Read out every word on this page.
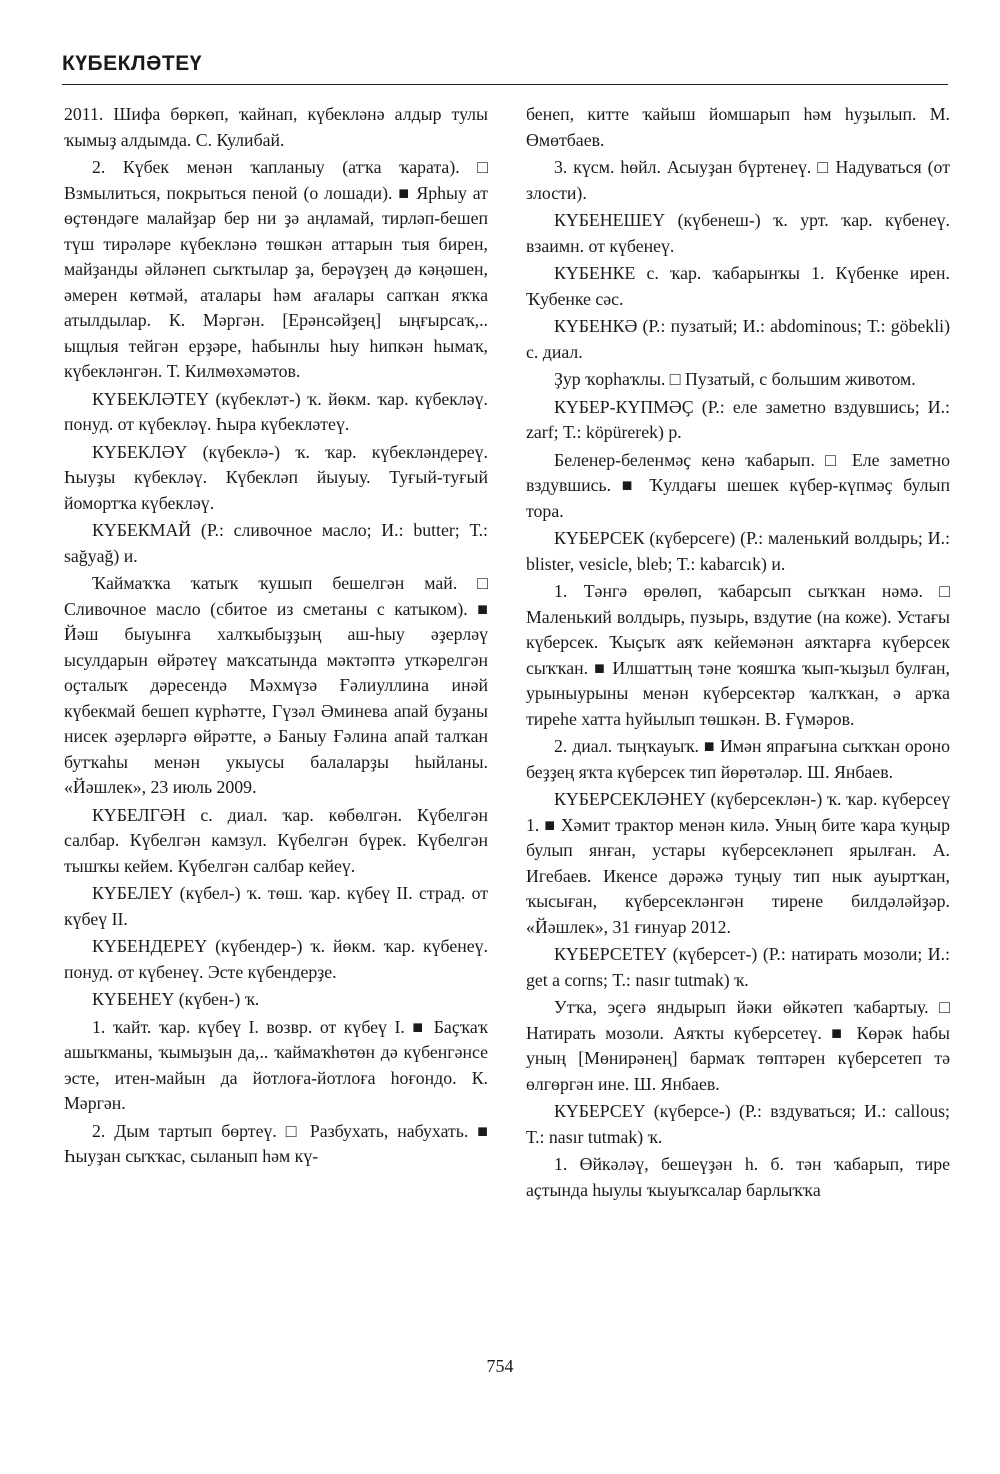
КҮБЕКЛӘТЕҮ

2011. Шифа бөркөп, ҡайнап, күбекләнә алдыр тулы ҡымыҙ алдымда. С. Кулибай.

2. Күбек менән ҡапланыу (атҡа ҡарата). □ Взмылиться, покрыться пеной (о лошади). ■ Ярһыу ат өҫтөндәге малайҙар бер ни ҙә аңламай, тирләп-бешеп түш тирәләре күбекләнә төшкән аттарын тыя бирен, майҙанды әйләнеп сыҡтылар ҙа, берәүҙең дә кәңәшен, әмерен көтмәй, аталары һәм ағалары сапҡан яҡҡа атылдылар. К. Мәргән. [Ерәнсәйҙең] ыңғырсаҡ,.. ыщлыя тейгән ерҙәре, һабынлы һыу һипкән һымаҡ, күбекләнгән. Т. Килмөхәмәтов.

КҮБЕКЛӘТЕҮ (күбекләт-) ҡ. йөкм. ҡар. күбекләү. понуд. от күбекләү. Һыра күбекләтеү.

КҮБЕКЛӘҮ (күбеклә-) ҡ. ҡар. күбекләндереү. Һыуҙы күбекләү. Күбекләп йыуыу. Туғый-туғый йомортҡа күбекләү.

КҮБЕКМАЙ (Р.: сливочное масло; И.: butter; Т.: sağyağ) и.

Ҡаймаҡҡа ҡатыҡ ҡушып бешелгән май. □ Сливочное масло (сбитое из сметаны с катыком). ■ Йәш быуынға халҡыбыҙҙың аш-һыу әҙерләү ысулдарын өйрәтеү маҡсатында мәктәптә уткәрелгән оҫталыҡ дәресендә Мәхмүзә Ғәлиуллина инәй күбекмай бешеп күрһәтте, Гүзәл Әминева апай буҙаны нисек әҙерләргә өйрәтте, ә Баныу Ғәлина апай талҡан бутҡаһы менән укыусы балаларҙы һыйланы. «Йәшлек», 23 июль 2009.

КҮБЕЛГӘН с. диал. ҡар. көбөлгән. Күбелгән салбар. Күбелгән камзул. Күбелгән бүрек. Күбелгән тышҡы кейем. Күбелгән салбар кейеү.

КҮБЕЛЕҮ (күбел-) ҡ. төш. ҡар. күбеү II. страд. от күбеү II.

КҮБЕНДЕРЕҮ (күбендер-) ҡ. йөкм. ҡар. күбенеү. понуд. от күбенеү. Эсте күбендерҙе.

КҮБЕНЕҮ (күбен-) ҡ.

1. ҡайт. ҡар. күбеү I. возвр. от күбеү I. ■ Баҫҡаҡ ашыҡманы, ҡымыҙын да,.. ҡаймаҡһөтөн дә күбенгәнсе эсте, итен-майын да йотлоға-йотлоға һоғондо. К. Мәргән.

2. Дым тартып бөртеү. □ Разбухать, набухать. ■ Һыуҙан сыҡҡас, сыланып һәм кү-

бенеп, китте ҡайыш йомшарып һәм һуҙылып. М. Өмөтбаев.

3. күсм. һөйл. Асыуҙан бүртенеү. □ Надуваться (от злости).

КҮБЕНЕШЕҮ (күбенеш-) ҡ. урт. ҡар. күбенеү. взаимн. от күбенеү.

КҮБЕНКЕ с. ҡар. ҡабарынҡы 1. Күбенке ирен. Ҡубенке сәс.

КҮБЕНКӘ (Р.: пузатый; И.: abdominous; Т.: göbekli) с. диал.

Ҙур ҡорһаҡлы. □ Пузатый, с большим животом.

КҮБЕР-КҮПМӘҪ (Р.: еле заметно вздувшись; И.: zarf; Т.: köpürerek) р.

Беленер-беленмәҫ кенә ҡабарып. □ Еле заметно вздувшись. ■ Ҡулдағы шешек күбер-күпмәҫ булып тора.

КҮБЕРСЕК (күберсеге) (Р.: маленький волдырь; И.: blister, vesicle, bleb; Т.: kabarcık) и.

1. Тәнгә өрөлөп, ҡабарсып сыҡҡан нәмә. □ Маленький волдырь, пузырь, вздутие (на коже). Устағы күберсек. Ҡыҫыҡ аяҡ кейемәнән аяҡтарға күберсек сыҡҡан. ■ Илшаттың тәне ҡояшҡа ҡып-ҡыҙыл булған, урыныурыны менән күберсектәр ҡалҡҡан, ә арҡа тиреһе хатта һуйылып төшкән. В. Ғүмәров.

2. диал. тыңҡауыҡ. ■ Имән япрағына сыҡҡан ороно беҙҙең яҡта күберсек тип йөрөтәләр. Ш. Янбаев.

КҮБЕРСЕКЛӘНЕҮ (күберсеклән-) ҡ. ҡар. күберсеү 1. ■ Хәмит трактор менән килә. Уның бите ҡара ҡуңыр булып янған, устары күберсекләнеп ярылған. А. Игебаев. Икенсе дәрәжә туңыу тип нык ауыртҡан, ҡысыған, күберсекләнгән тирене билдәләйҙәр. «Йәшлек», 31 ғинуар 2012.

КҮБЕРСЕТЕҮ (күберсет-) (Р.: натирать мозоли; И.: get a corns; Т.: nasır tutmak) ҡ.

Утҡа, эҫегә яндырып йәки өйкәтеп ҡабартыу. □ Натирать мозоли. Аяҡты күберсетеү. ■ Көрәк һабы уның [Мөнирәнең] бармаҡ төптәрен күберсетеп тә өлгөргән ине. Ш. Янбаев.

КҮБЕРСЕҮ (күберсе-) (Р.: вздуваться; И.: callous; Т.: nasır tutmak) ҡ.

1. Өйкәләү, бешеүҙән һ. б. тән ҡабарып, тире аҫтында һыулы ҡыуыҡсалар барлыҡҡа

754
